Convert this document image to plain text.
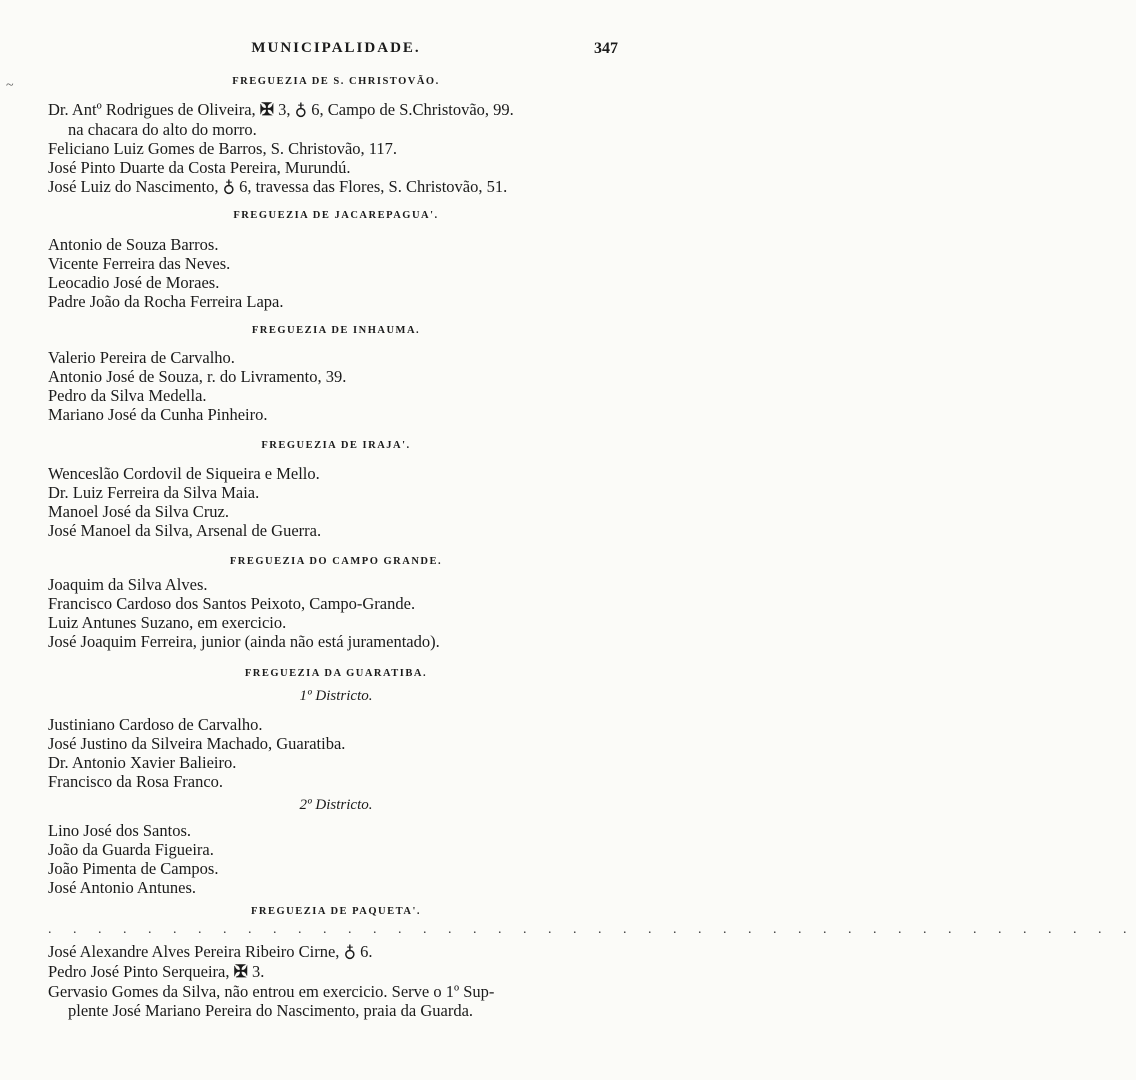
MUNICIPALIDADE.	347
FREGUEZIA DE S. CHRISTOVÃO.
Dr. Antº Rodrigues de Oliveira, ✠ 3, ♁ 6, Campo de S.Christovão, 99.
na chacara do alto do morro.
Feliciano Luiz Gomes de Barros, S. Christovão, 117.
José Pinto Duarte da Costa Pereira, Murundú.
José Luiz do Nascimento, ♁ 6, travessa das Flores, S. Christovão, 51.
FREGUEZIA DE JACAREPAGUA'.
Antonio de Souza Barros.
Vicente Ferreira das Neves.
Leocadio José de Moraes.
Padre João da Rocha Ferreira Lapa.
FREGUEZIA DE INHAUMA.
Valerio Pereira de Carvalho.
Antonio José de Souza, r. do Livramento, 39.
Pedro da Silva Medella.
Mariano José da Cunha Pinheiro.
FREGUEZIA DE IRAJA'.
Wenceslão Cordovil de Siqueira e Mello.
Dr. Luiz Ferreira da Silva Maia.
Manoel José da Silva Cruz.
José Manoel da Silva, Arsenal de Guerra.
FREGUEZIA DO CAMPO GRANDE.
Joaquim da Silva Alves.
Francisco Cardoso dos Santos Peixoto, Campo-Grande.
Luiz Antunes Suzano, em exercicio.
José Joaquim Ferreira, junior (ainda não está juramentado).
FREGUEZIA DA GUARATIBA.
1º Districto.
Justiniano Cardoso de Carvalho.
José Justino da Silveira Machado, Guaratiba.
Dr. Antonio Xavier Balieiro.
Francisco da Rosa Franco.
2º Districto.
Lino José dos Santos.
João da Guarda Figueira.
João Pimenta de Campos.
José Antonio Antunes.
FREGUEZIA DE PAQUETA'.
. . . . . . . . . . . . . . . . . . . . . . . . . . . . . . . . . . . . . . . . . . . .
José Alexandre Alves Pereira Ribeiro Cirne, ♁ 6.
Pedro José Pinto Serqueira, ✠ 3.
Gervasio Gomes da Silva, não entrou em exercicio. Serve o 1º Sup-
plente José Mariano Pereira do Nascimento, praia da Guarda.
~
